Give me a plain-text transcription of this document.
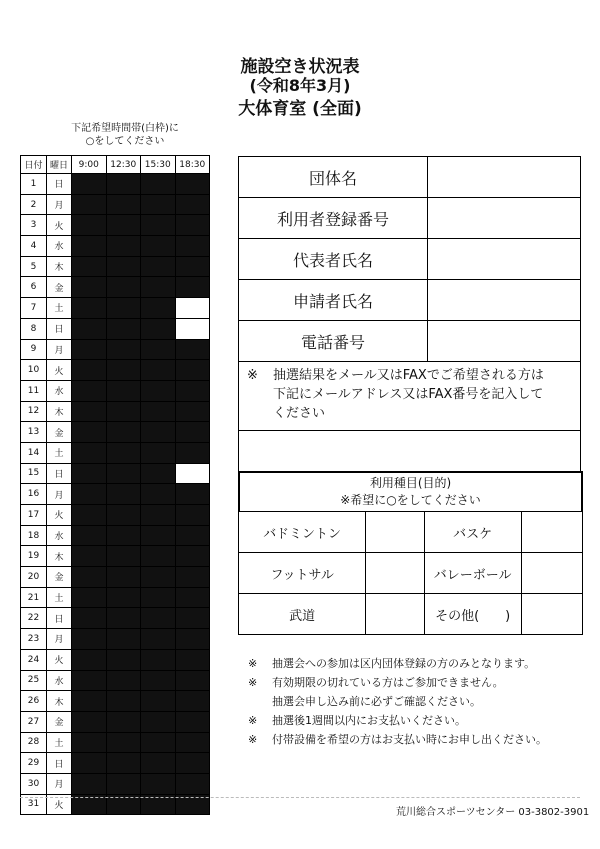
施設空き状況表
(令和8年3月)
大体育室 (全面)
下記希望時間帯(白枠)に
○をしてください
日付	曜日	9:00	12:30	15:30	18:30
1	日				
2	月				
3	火				
4	水				
5	木				
6	金				
7	土				
8	日				
9	月				
10	火				
11	水				
12	木				
13	金				
14	土				
15	日				
16	月				
17	火				
18	水				
19	木				
20	金				
21	土				
22	日				
23	月				
24	火				
25	水				
26	木				
27	金				
28	土				
29	日				
30	月				
31	火				
団体名	
利用者登録番号	
代表者氏名	
申請者氏名	
電話番号	

※ 抽選結果をメール又はFAXでご希望される方は
下記にメールアドレス又はFAX番号を記入して
ください	

利用種目(目的)
※希望に○をしてください
バドミントン		バスケ	
フットサル		バレーボール	
武道		その他(　　)	
※	抽選会への参加は区内団体登録の方のみとなります。
※	有効期限の切れている方はご参加できません。
抽選会申し込み前に必ずご確認ください。
※	抽選後1週間以内にお支払いください。
※	付帯設備を希望の方はお支払い時にお申し出ください。
荒川総合スポーツセンター 03-3802-3901
